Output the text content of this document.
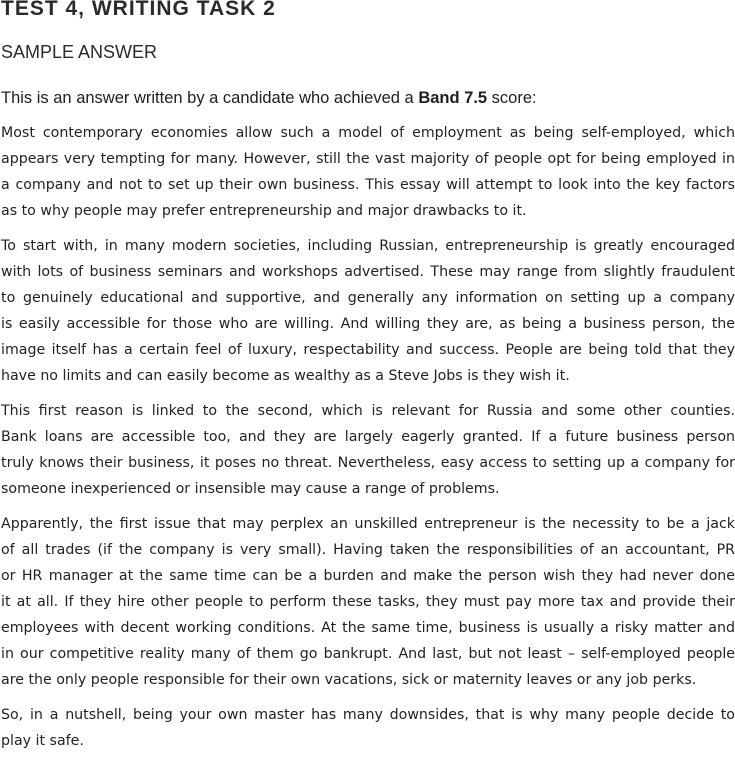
TEST 4, WRITING TASK 2
SAMPLE ANSWER

This is an answer written by a candidate who achieved a Band 7.5 score:

Most contemporary economies allow such a model of employment as being self-employed, which
appears very tempting for many. However, still the vast majority of people opt for being employed in
a company and not to set up their own business. This essay will attempt to look into the key factors
as to why people may prefer entrepreneurship and major drawbacks to it.
To start with, in many modern societies, including Russian, entrepreneurship is greatly encouraged
with lots of business seminars and workshops advertised. These may range from slightly fraudulent
to genuinely educational and supportive, and generally any information on setting up a company
is easily accessible for those who are willing. And willing they are, as being a business person, the
image itself has a certain feel of luxury, respectability and success. People are being told that they
have no limits and can easily become as wealthy as a Steve Jobs is they wish it.
This first reason is linked to the second, which is relevant for Russia and some other counties.
Bank loans are accessible too, and they are largely eagerly granted. If a future business person
truly knows their business, it poses no threat. Nevertheless, easy access to setting up a company for
someone inexperienced or insensible may cause a range of problems.
Apparently, the first issue that may perplex an unskilled entrepreneur is the necessity to be a jack
of all trades (if the company is very small). Having taken the responsibilities of an accountant, PR
or HR manager at the same time can be a burden and make the person wish they had never done
it at all. If they hire other people to perform these tasks, they must pay more tax and provide their
employees with decent working conditions. At the same time, business is usually a risky matter and
in our competitive reality many of them go bankrupt. And last, but not least – self-employed people
are the only people responsible for their own vacations, sick or maternity leaves or any job perks.
So, in a nutshell, being your own master has many downsides, that is why many people decide to
play it safe.
